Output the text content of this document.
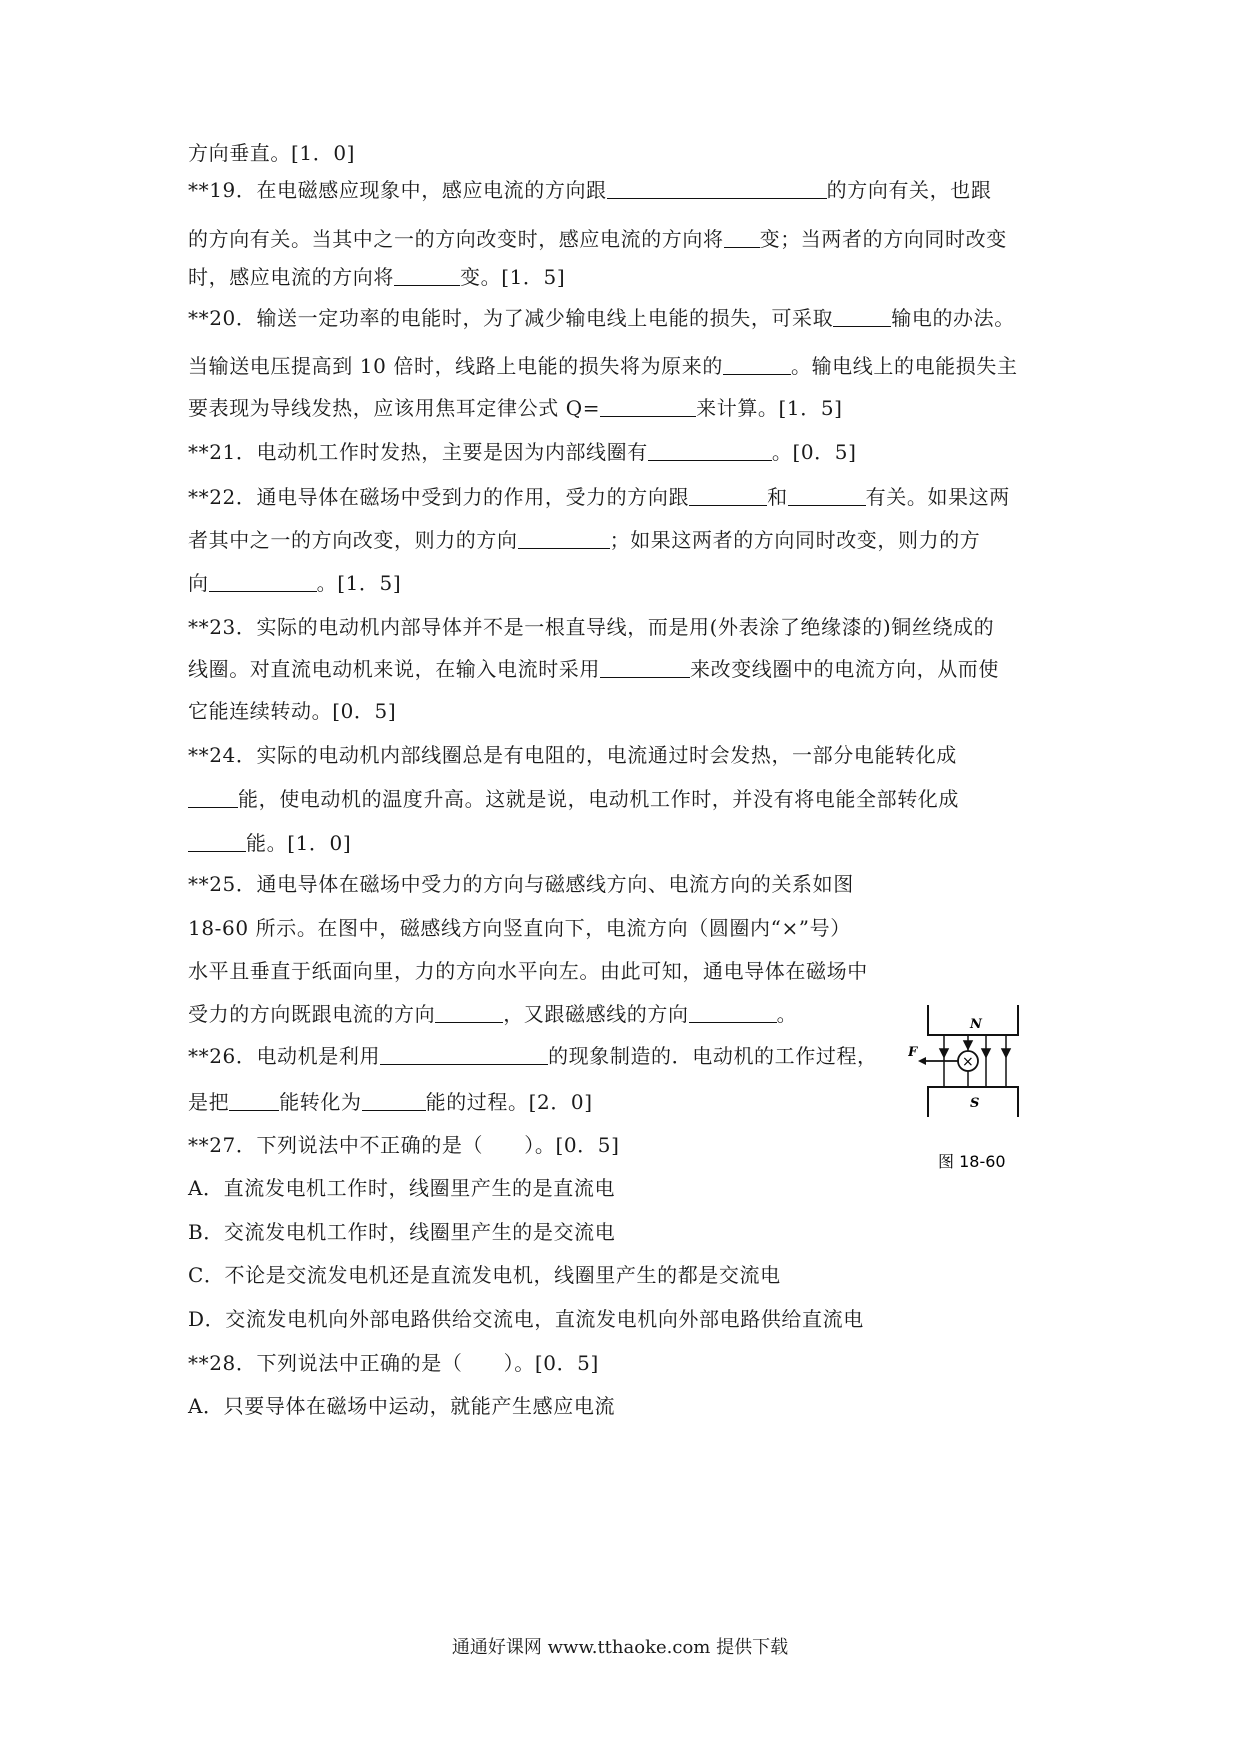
方向垂直。[1．0]
**19．在电磁感应现象中，感应电流的方向跟	的方向有关，也跟
的方向有关。当其中之一的方向改变时，感应电流的方向将 变；当两者的方向同时改变
时，感应电流的方向将	变。[1．5]
**20．输送一定功率的电能时，为了减少输电线上电能的损失，可采取	输电的办法。
当输送电压提高到 10 倍时，线路上电能的损失将为原来的	。输电线上的电能损失主
要表现为导线发热，应该用焦耳定律公式 Q=	来计算。[1．5]
**21．电动机工作时发热，主要是因为内部线圈有	。[0．5]
**22．通电导体在磁场中受到力的作用，受力的方向跟	和	有关。如果这两
者其中之一的方向改变，则力的方向	；如果这两者的方向同时改变，则力的方
向	。[1．5]
**23．实际的电动机内部导体并不是一根直导线，而是用(外表涂了绝缘漆的)铜丝绕成的
线圈。对直流电动机来说，在输入电流时采用	来改变线圈中的电流方向，从而使
它能连续转动。[0．5]
**24．实际的电动机内部线圈总是有电阻的，电流通过时会发热，一部分电能转化成
能，使电动机的温度升高。这就是说，电动机工作时，并没有将电能全部转化成
能。[1．0]
**25．通电导体在磁场中受力的方向与磁感线方向、电流方向的关系如图
18-60 所示。在图中，磁感线方向竖直向下，电流方向（圆圈内“×”号）
水平且垂直于纸面向里，力的方向水平向左。由此可知，通电导体在磁场中
受力的方向既跟电流的方向	，又跟磁感线的方向	。
**26．电动机是利用	的现象制造的．电动机的工作过程，
是把	能转化为	能的过程。[2．0]
**27．下列说法中不正确的是（　　）。[0．5]
A．直流发电机工作时，线圈里产生的是直流电
B．交流发电机工作时，线圈里产生的是交流电
C．不论是交流发电机还是直流发电机，线圈里产生的都是交流电
D．交流发电机向外部电路供给交流电，直流发电机向外部电路供给直流电
**28．下列说法中正确的是（　　）。[0．5]
A．只要导体在磁场中运动，就能产生感应电流
N
S
×
F
图 18-60
通通好课网 www.tthaoke.com 提供下载
